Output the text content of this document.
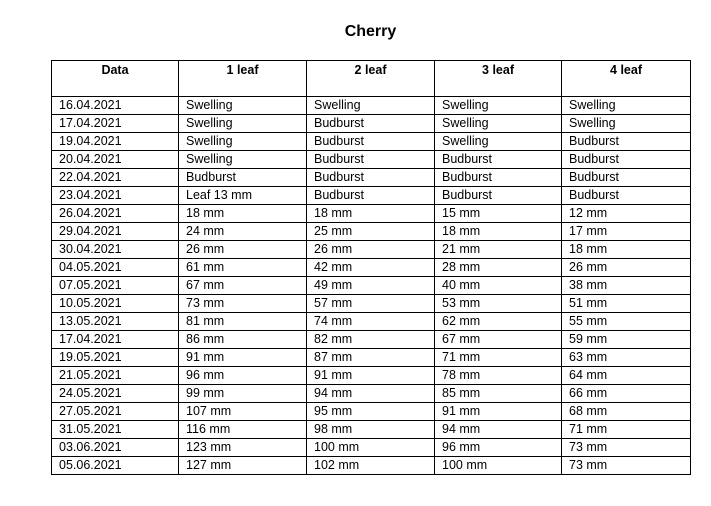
Cherry
Data	1 leaf	2 leaf	3 leaf	4 leaf
16.04.2021	Swelling	Swelling	Swelling	Swelling
17.04.2021	Swelling	Budburst	Swelling	Swelling
19.04.2021	Swelling	Budburst	Swelling	Budburst
20.04.2021	Swelling	Budburst	Budburst	Budburst
22.04.2021	Budburst	Budburst	Budburst	Budburst
23.04.2021	Leaf 13 mm	Budburst	Budburst	Budburst
26.04.2021	18 mm	18 mm	15 mm	12 mm
29.04.2021	24 mm	25 mm	18 mm	17 mm
30.04.2021	26 mm	26 mm	21 mm	18 mm
04.05.2021	61 mm	42 mm	28 mm	26 mm
07.05.2021	67 mm	49 mm	40 mm	38 mm
10.05.2021	73 mm	57 mm	53 mm	51 mm
13.05.2021	81 mm	74 mm	62 mm	55 mm
17.04.2021	86 mm	82 mm	67 mm	59 mm
19.05.2021	91 mm	87 mm	71 mm	63 mm
21.05.2021	96 mm	91 mm	78 mm	64 mm
24.05.2021	99 mm	94 mm	85 mm	66 mm
27.05.2021	107 mm	95 mm	91 mm	68 mm
31.05.2021	116 mm	98 mm	94 mm	71 mm
03.06.2021	123 mm	100 mm	96 mm	73 mm
05.06.2021	127 mm	102 mm	100 mm	73 mm
